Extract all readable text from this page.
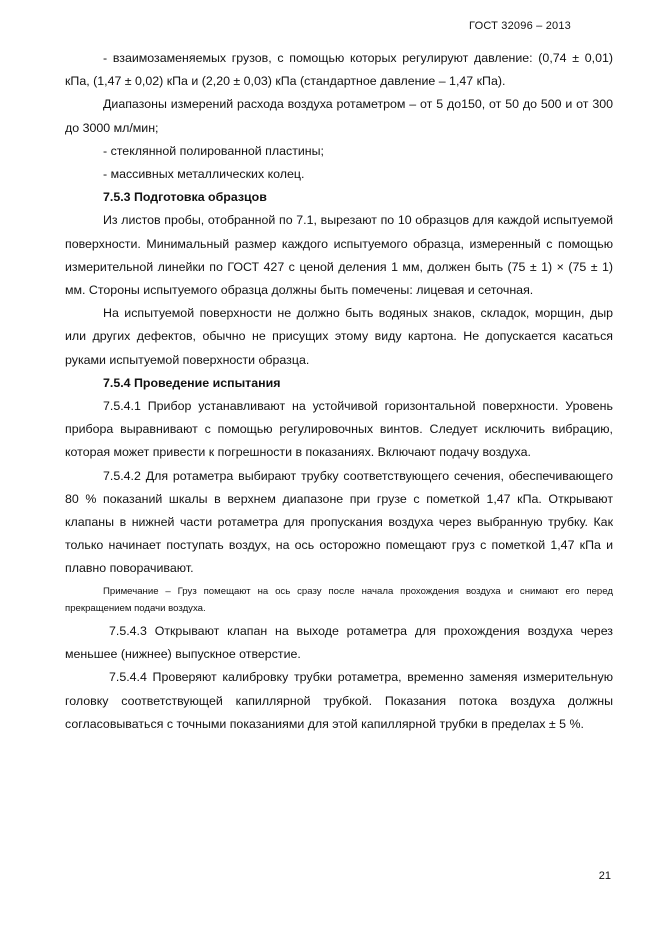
ГОСТ 32096 – 2013

- взаимозаменяемых грузов, с помощью которых регулируют давление: (0,74 ± 0,01) кПа, (1,47 ± 0,02) кПа и (2,20 ± 0,03) кПа (стандартное давление – 1,47 кПа).

Диапазоны измерений расхода воздуха ротаметром – от 5 до150, от 50 до 500 и от 300 до 3000 мл/мин;

- стеклянной полированной пластины;

- массивных металлических колец.

7.5.3 Подготовка образцов

Из листов пробы, отобранной по 7.1, вырезают по 10 образцов для каждой испытуемой поверхности. Минимальный размер каждого испытуемого образца, измеренный с помощью измерительной линейки по ГОСТ 427 с ценой деления 1 мм, должен быть (75 ± 1) × (75 ± 1) мм. Стороны испытуемого образца должны быть помечены: лицевая и сеточная.

На испытуемой поверхности не должно быть водяных знаков, складок, морщин, дыр или других дефектов, обычно не присущих этому виду картона. Не допускается касаться руками испытуемой поверхности образца.

7.5.4 Проведение испытания

7.5.4.1 Прибор устанавливают на устойчивой горизонтальной поверхности. Уровень прибора выравнивают с помощью регулировочных винтов. Следует исключить вибрацию, которая может привести к погрешности в показаниях. Включают подачу воздуха.

7.5.4.2 Для ротаметра выбирают трубку соответствующего сечения, обеспечивающего 80 % показаний шкалы в верхнем диапазоне при грузе с пометкой 1,47 кПа. Открывают клапаны в нижней части ротаметра для пропускания воздуха через выбранную трубку. Как только начинает поступать воздух, на ось осторожно помещают груз с пометкой 1,47 кПа и плавно поворачивают.

Примечание – Груз помещают на ось сразу после начала прохождения воздуха и снимают его перед прекращением подачи воздуха.

7.5.4.3 Открывают клапан на выходе ротаметра для прохождения воздуха через меньшее (нижнее) выпускное отверстие.

7.5.4.4 Проверяют калибровку трубки ротаметра, временно заменяя измерительную головку соответствующей капиллярной трубкой. Показания потока воздуха должны согласовываться с точными показаниями для этой капиллярной трубки в пределах ± 5 %.

21
